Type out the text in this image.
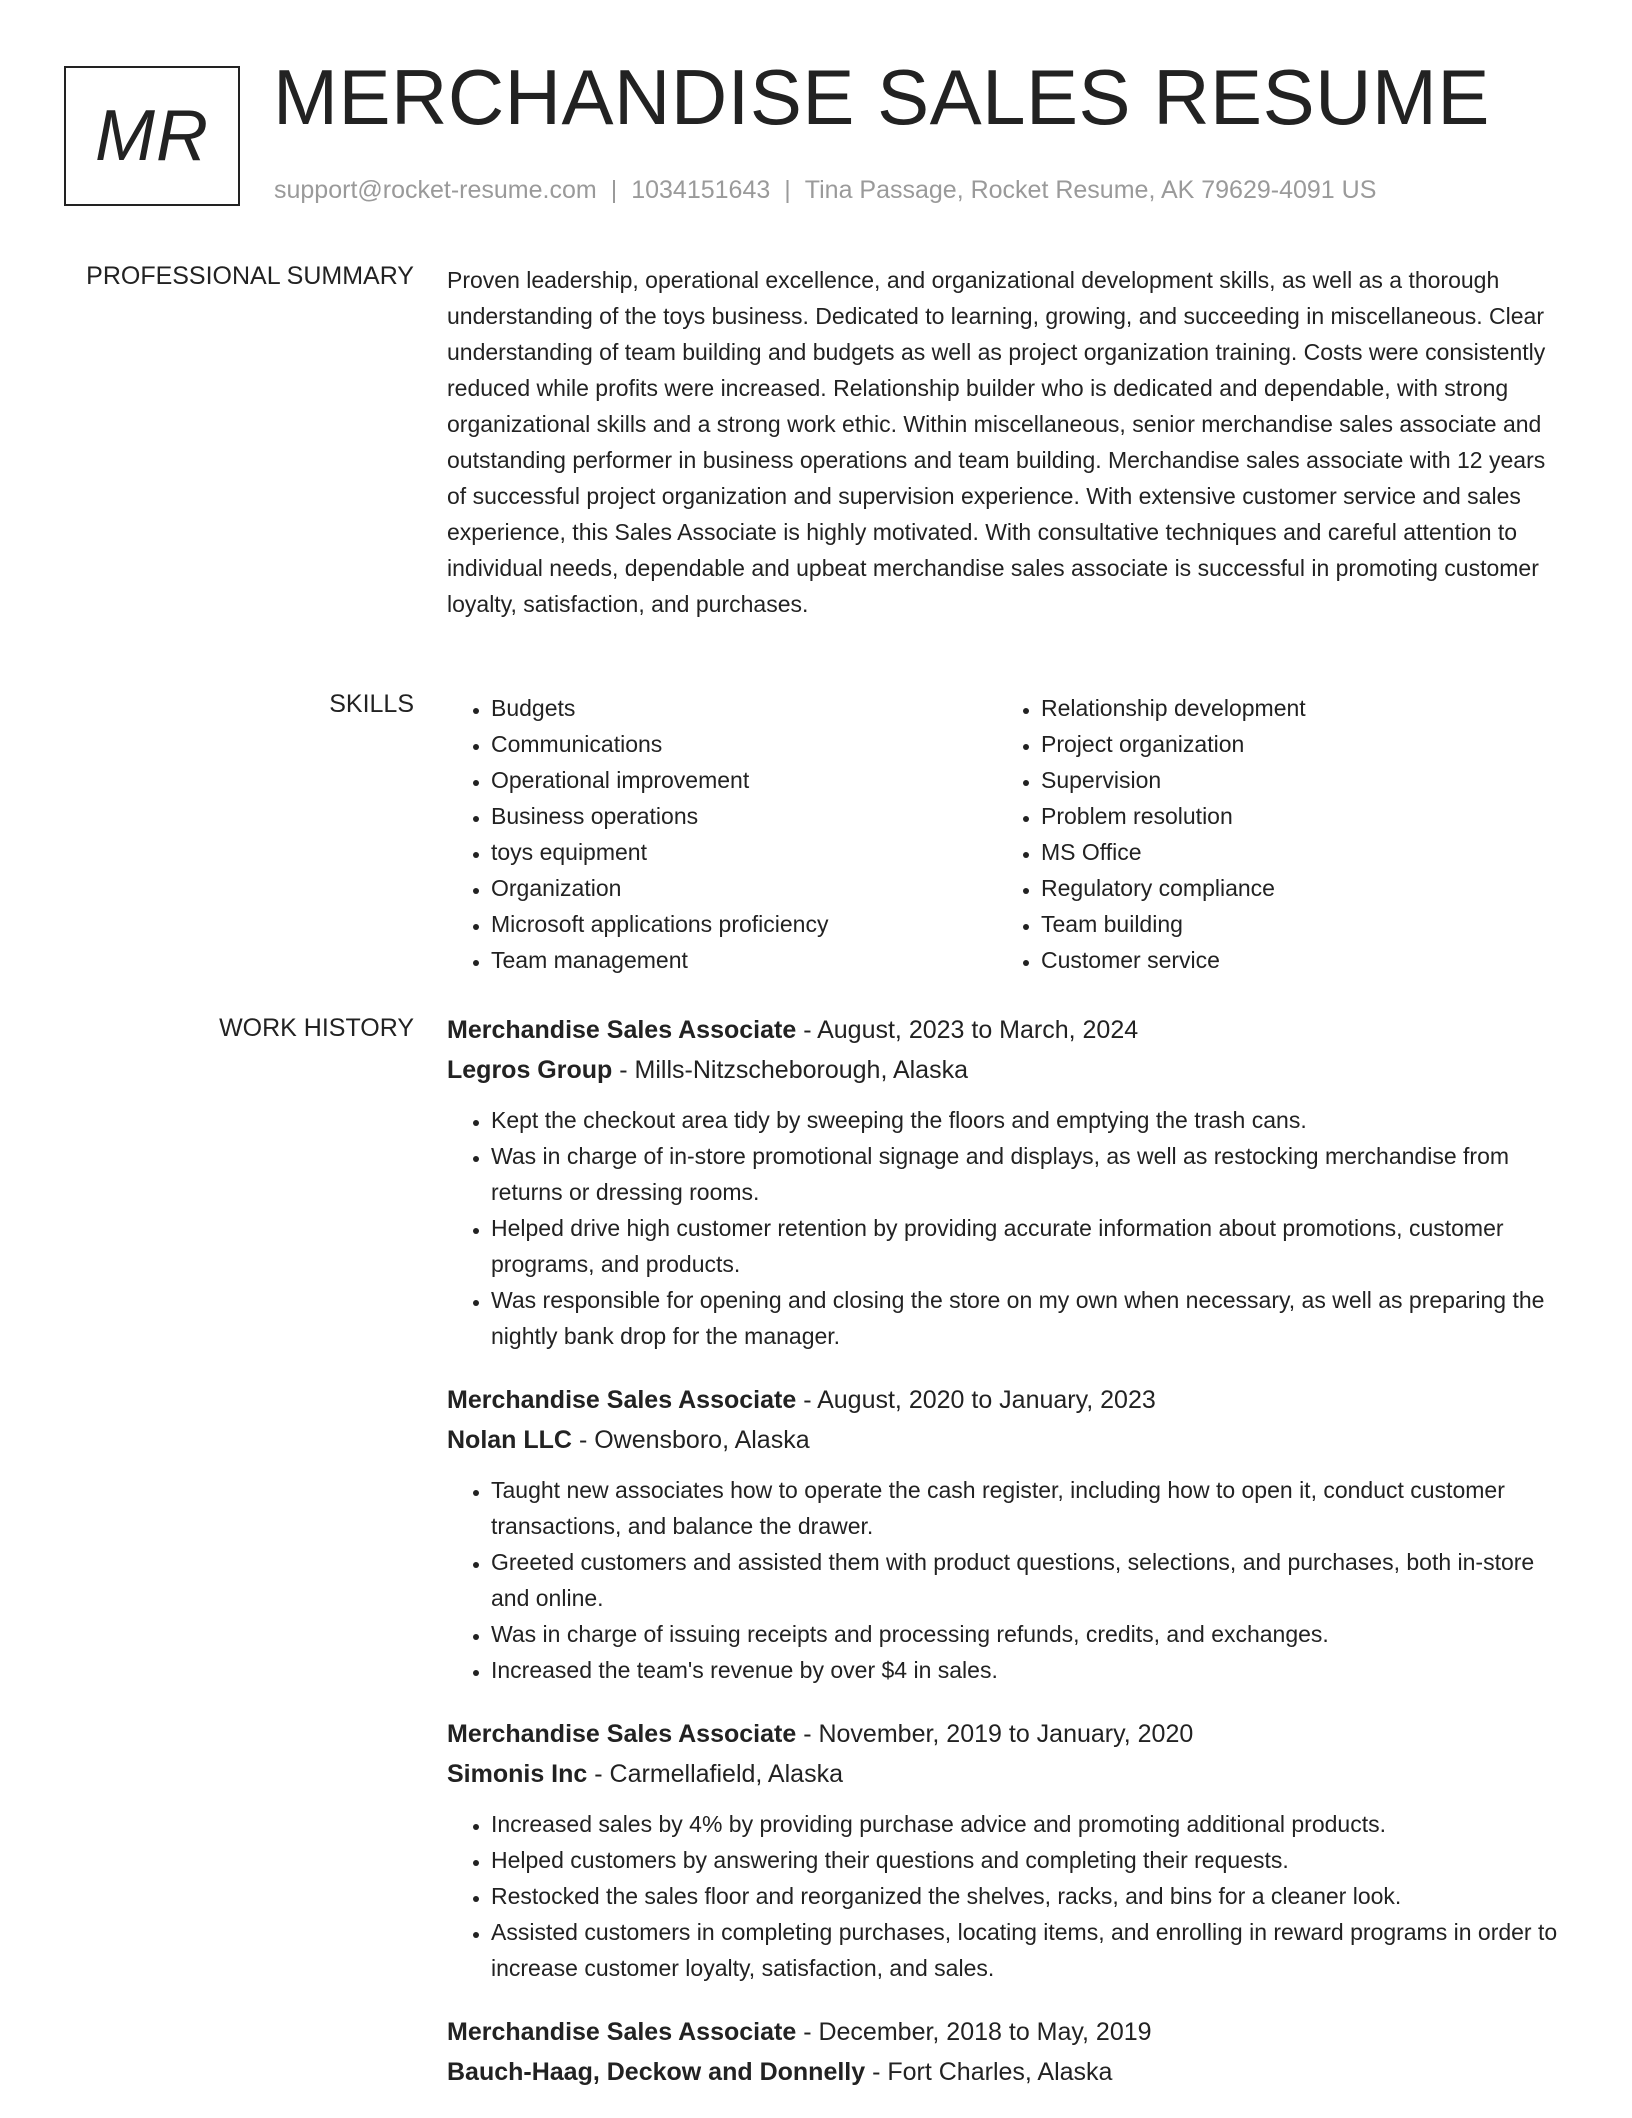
MR MERCHANDISE SALES RESUME
support@rocket-resume.com | 1034151643 | Tina Passage, Rocket Resume, AK 79629-4091 US
PROFESSIONAL SUMMARY Proven leadership, operational excellence, and organizational development skills, as well as a thorough understanding of the toys business. Dedicated to learning, growing, and succeeding in miscellaneous. Clear understanding of team building and budgets as well as project organization training. Costs were consistently reduced while profits were increased. Relationship builder who is dedicated and dependable, with strong organizational skills and a strong work ethic. Within miscellaneous, senior merchandise sales associate and outstanding performer in business operations and team building. Merchandise sales associate with 12 years of successful project organization and supervision experience. With extensive customer service and sales experience, this Sales Associate is highly motivated. With consultative techniques and careful attention to individual needs, dependable and upbeat merchandise sales associate is successful in promoting customer loyalty, satisfaction, and purchases.

SKILLS
•	Budgets
• Communications
• Operational improvement
• Business operations
• toys equipment
• Organization
• Microsoft applications proficiency
• Team management
• Relationship development
• Project organization
• Supervision
• Problem resolution
• MS Office
• Regulatory compliance
• Team building
• Customer service
WORK HISTORY Merchandise Sales Associate - August, 2023 to March, 2024
Legros Group - Mills-Nitzscheborough, Alaska
• Kept the checkout area tidy by sweeping the floors and emptying the trash cans.
• Was in charge of in-store promotional signage and displays, as well as restocking merchandise from returns or dressing rooms.
• Helped drive high customer retention by providing accurate information about promotions, customer programs, and products.
• Was responsible for opening and closing the store on my own when necessary, as well as preparing the nightly bank drop for the manager.
Merchandise Sales Associate - August, 2020 to January, 2023
Nolan LLC - Owensboro, Alaska
• Taught new associates how to operate the cash register, including how to open it, conduct customer transactions, and balance the drawer.
• Greeted customers and assisted them with product questions, selections, and purchases, both in-store and online.
• Was in charge of issuing receipts and processing refunds, credits, and exchanges.
• Increased the team's revenue by over $4 in sales.
Merchandise Sales Associate - November, 2019 to January, 2020
Simonis Inc - Carmellafield, Alaska
• Increased sales by 4% by providing purchase advice and promoting additional products.
• Helped customers by answering their questions and completing their requests.
• Restocked the sales floor and reorganized the shelves, racks, and bins for a cleaner look.
• Assisted customers in completing purchases, locating items, and enrolling in reward programs in order to increase customer loyalty, satisfaction, and sales.
Merchandise Sales Associate - December, 2018 to May, 2019
Bauch-Haag, Deckow and Donnelly - Fort Charles, Alaska
